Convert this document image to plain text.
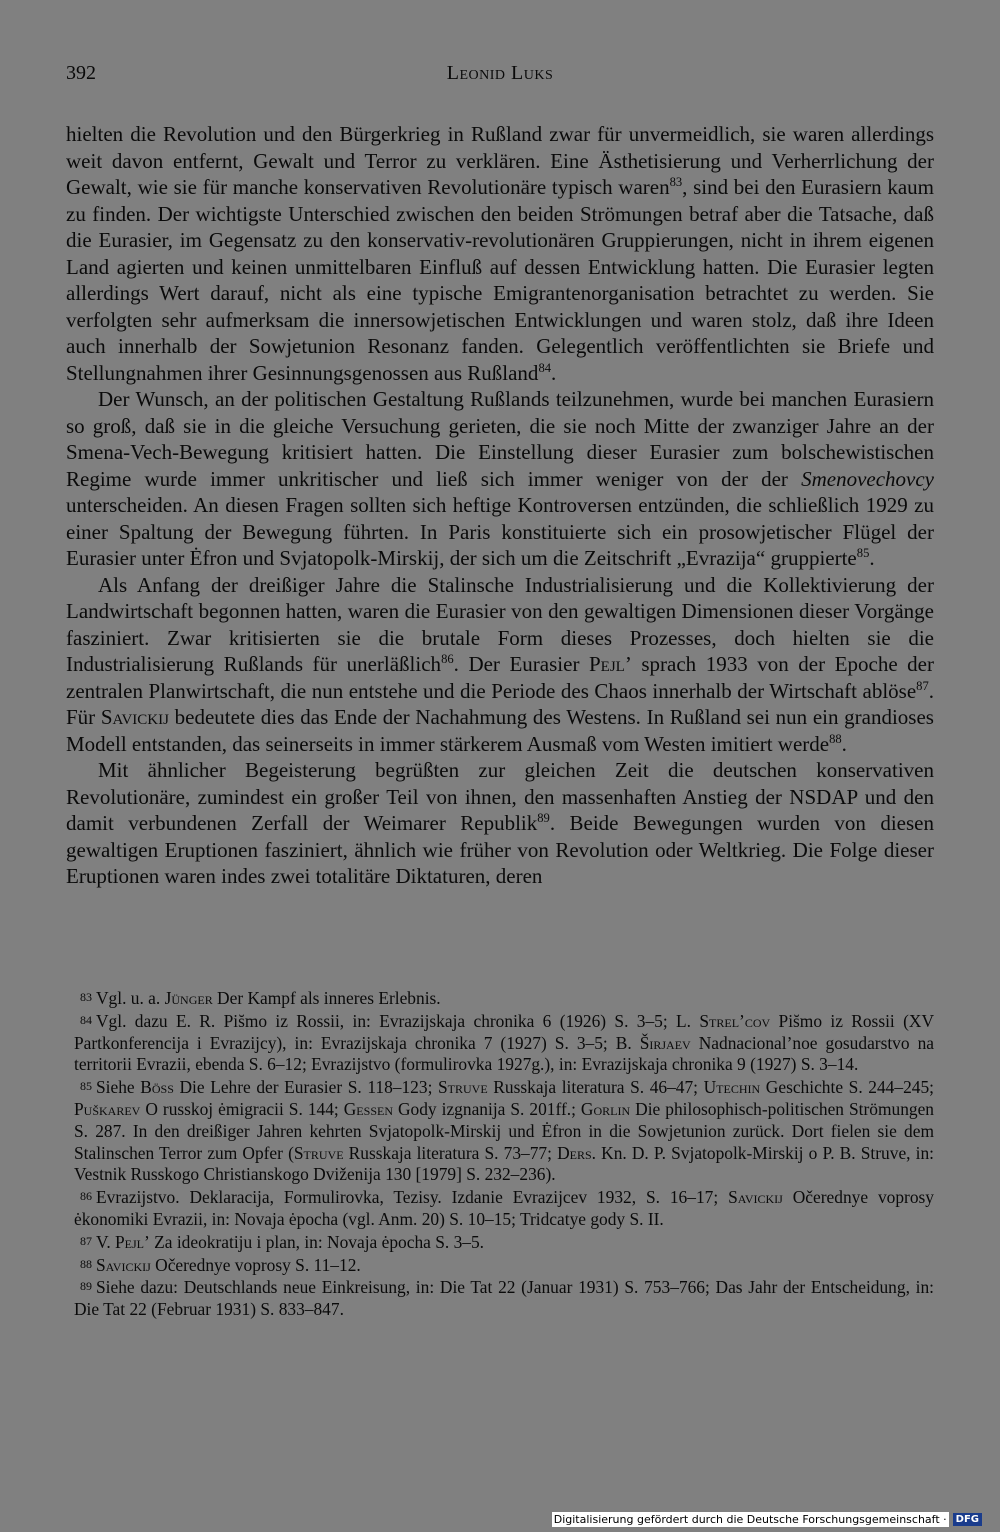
Leonid Luks
392

hielten die Revolution und den Bürgerkrieg in Rußland zwar für unvermeidlich, sie waren allerdings weit davon entfernt, Gewalt und Terror zu verklären. Eine Ästhetisierung und Verherrlichung der Gewalt, wie sie für manche konservativen Revolutionäre typisch waren$^{83}$, sind bei den Eurasiern kaum zu finden. Der wichtigste Unterschied zwischen den beiden Strömungen betraf aber die Tatsache, daß die Eurasier, im Gegensatz zu den konservativ-revolutionären Gruppierungen, nicht in ihrem eigenen Land agierten und keinen unmittelbaren Einfluß auf dessen Entwicklung hatten. Die Eurasier legten allerdings Wert darauf, nicht als eine typische Emigrantenorganisation betrachtet zu werden. Sie verfolgten sehr aufmerksam die innersowjetischen Entwicklungen und waren stolz, daß ihre Ideen auch innerhalb der Sowjetunion Resonanz fanden. Gelegentlich veröffentlichten sie Briefe und Stellungnahmen ihrer Gesinnungsgenossen aus Rußland$^{84}$.

Der Wunsch, an der politischen Gestaltung Rußlands teilzunehmen, wurde bei manchen Eurasiern so groß, daß sie in die gleiche Versuchung gerieten, die sie noch Mitte der zwanziger Jahre an der Smena-Vech-Bewegung kritisiert hatten. Die Einstellung dieser Eurasier zum bolschewistischen Regime wurde immer unkritischer und ließ sich immer weniger von der der Smenovechovcy unterscheiden. An diesen Fragen sollten sich heftige Kontroversen entzünden, die schließlich 1929 zu einer Spaltung der Bewegung führten. In Paris konstituierte sich ein prosowjetischer Flügel der Eurasier unter Ėfron und Svjatopolk-Mirskij, der sich um die Zeitschrift „Evrazija“ gruppierte$^{85}$.

Als Anfang der dreißiger Jahre die Stalinsche Industrialisierung und die Kollektivierung der Landwirtschaft begonnen hatten, waren die Eurasier von den gewaltigen Dimensionen dieser Vorgänge fasziniert. Zwar kritisierten sie die brutale Form dieses Prozesses, doch hielten sie die Industrialisierung Rußlands für unerläßlich$^{86}$. Der Eurasier Pejl’ sprach 1933 von der Epoche der zentralen Planwirtschaft, die nun entstehe und die Periode des Chaos innerhalb der Wirtschaft ablöse$^{87}$. Für Savickij bedeutete dies das Ende der Nachahmung des Westens. In Rußland sei nun ein grandioses Modell entstanden, das seinerseits in immer stärkerem Ausmaß vom Westen imitiert werde$^{88}$.

Mit ähnlicher Begeisterung begrüßten zur gleichen Zeit die deutschen konservativen Revolutionäre, zumindest ein großer Teil von ihnen, den massenhaften Anstieg der NSDAP und den damit verbundenen Zerfall der Weimarer Republik$^{89}$. Beide Bewegungen wurden von diesen gewaltigen Eruptionen fasziniert, ähnlich wie früher von Revolution oder Weltkrieg. Die Folge dieser Eruptionen waren indes zwei totalitäre Diktaturen, deren

83 Vgl. u. a. Jünger Der Kampf als inneres Erlebnis.

84 Vgl. dazu E. R. Pis̆mo iz Rossii, in: Evrazijskaja chronika 6 (1926) S. 3–5; L. Strel’cov Pis̆mo iz Rossii (XV Partkonferencija i Evrazijcy), in: Evrazijskaja chronika 7 (1927) S. 3–5; B. Širjaev Nadnacional’noe gosudarstvo na territorii Evrazii, ebenda S. 6–12; Evrazijstvo (formulirovka 1927g.), in: Evrazijskaja chronika 9 (1927) S. 3–14.

85 Siehe Böss Die Lehre der Eurasier S. 118–123; Struve Russkaja literatura S. 46–47; Utechin Geschichte S. 244–245; Puškarev O russkoj ėmigracii S. 144; Gessen Gody izgnanija S. 201ff.; Gorlin Die philosophisch-politischen Strömungen S. 287. In den dreißiger Jahren kehrten Svjatopolk-Mirskij und Ėfron in die Sowjetunion zurück. Dort fielen sie dem Stalinschen Terror zum Opfer (Struve Russkaja literatura S. 73–77; Ders. Kn. D. P. Svjatopolk-Mirskij o P. B. Struve, in: Vestnik Russkogo Christianskogo Dviženija 130 [1979] S. 232–236).

86 Evrazijstvo. Deklaracija, Formulirovka, Tezisy. Izdanie Evrazijcev 1932, S. 16–17; Savickij Očerednye voprosy ėkonomiki Evrazii, in: Novaja ėpocha (vgl. Anm. 20) S. 10–15; Tridcatye gody S. II.

87 V. Pejl’ Za ideokratiju i plan, in: Novaja ėpocha S. 3–5.

88 Savickij Očerednye voprosy S. 11–12.

89 Siehe dazu: Deutschlands neue Einkreisung, in: Die Tat 22 (Januar 1931) S. 753–766; Das Jahr der Entscheidung, in: Die Tat 22 (Februar 1931) S. 833–847.

Digitalisierung gefördert durch die Deutsche Forschungsgemeinschaft · DFG
